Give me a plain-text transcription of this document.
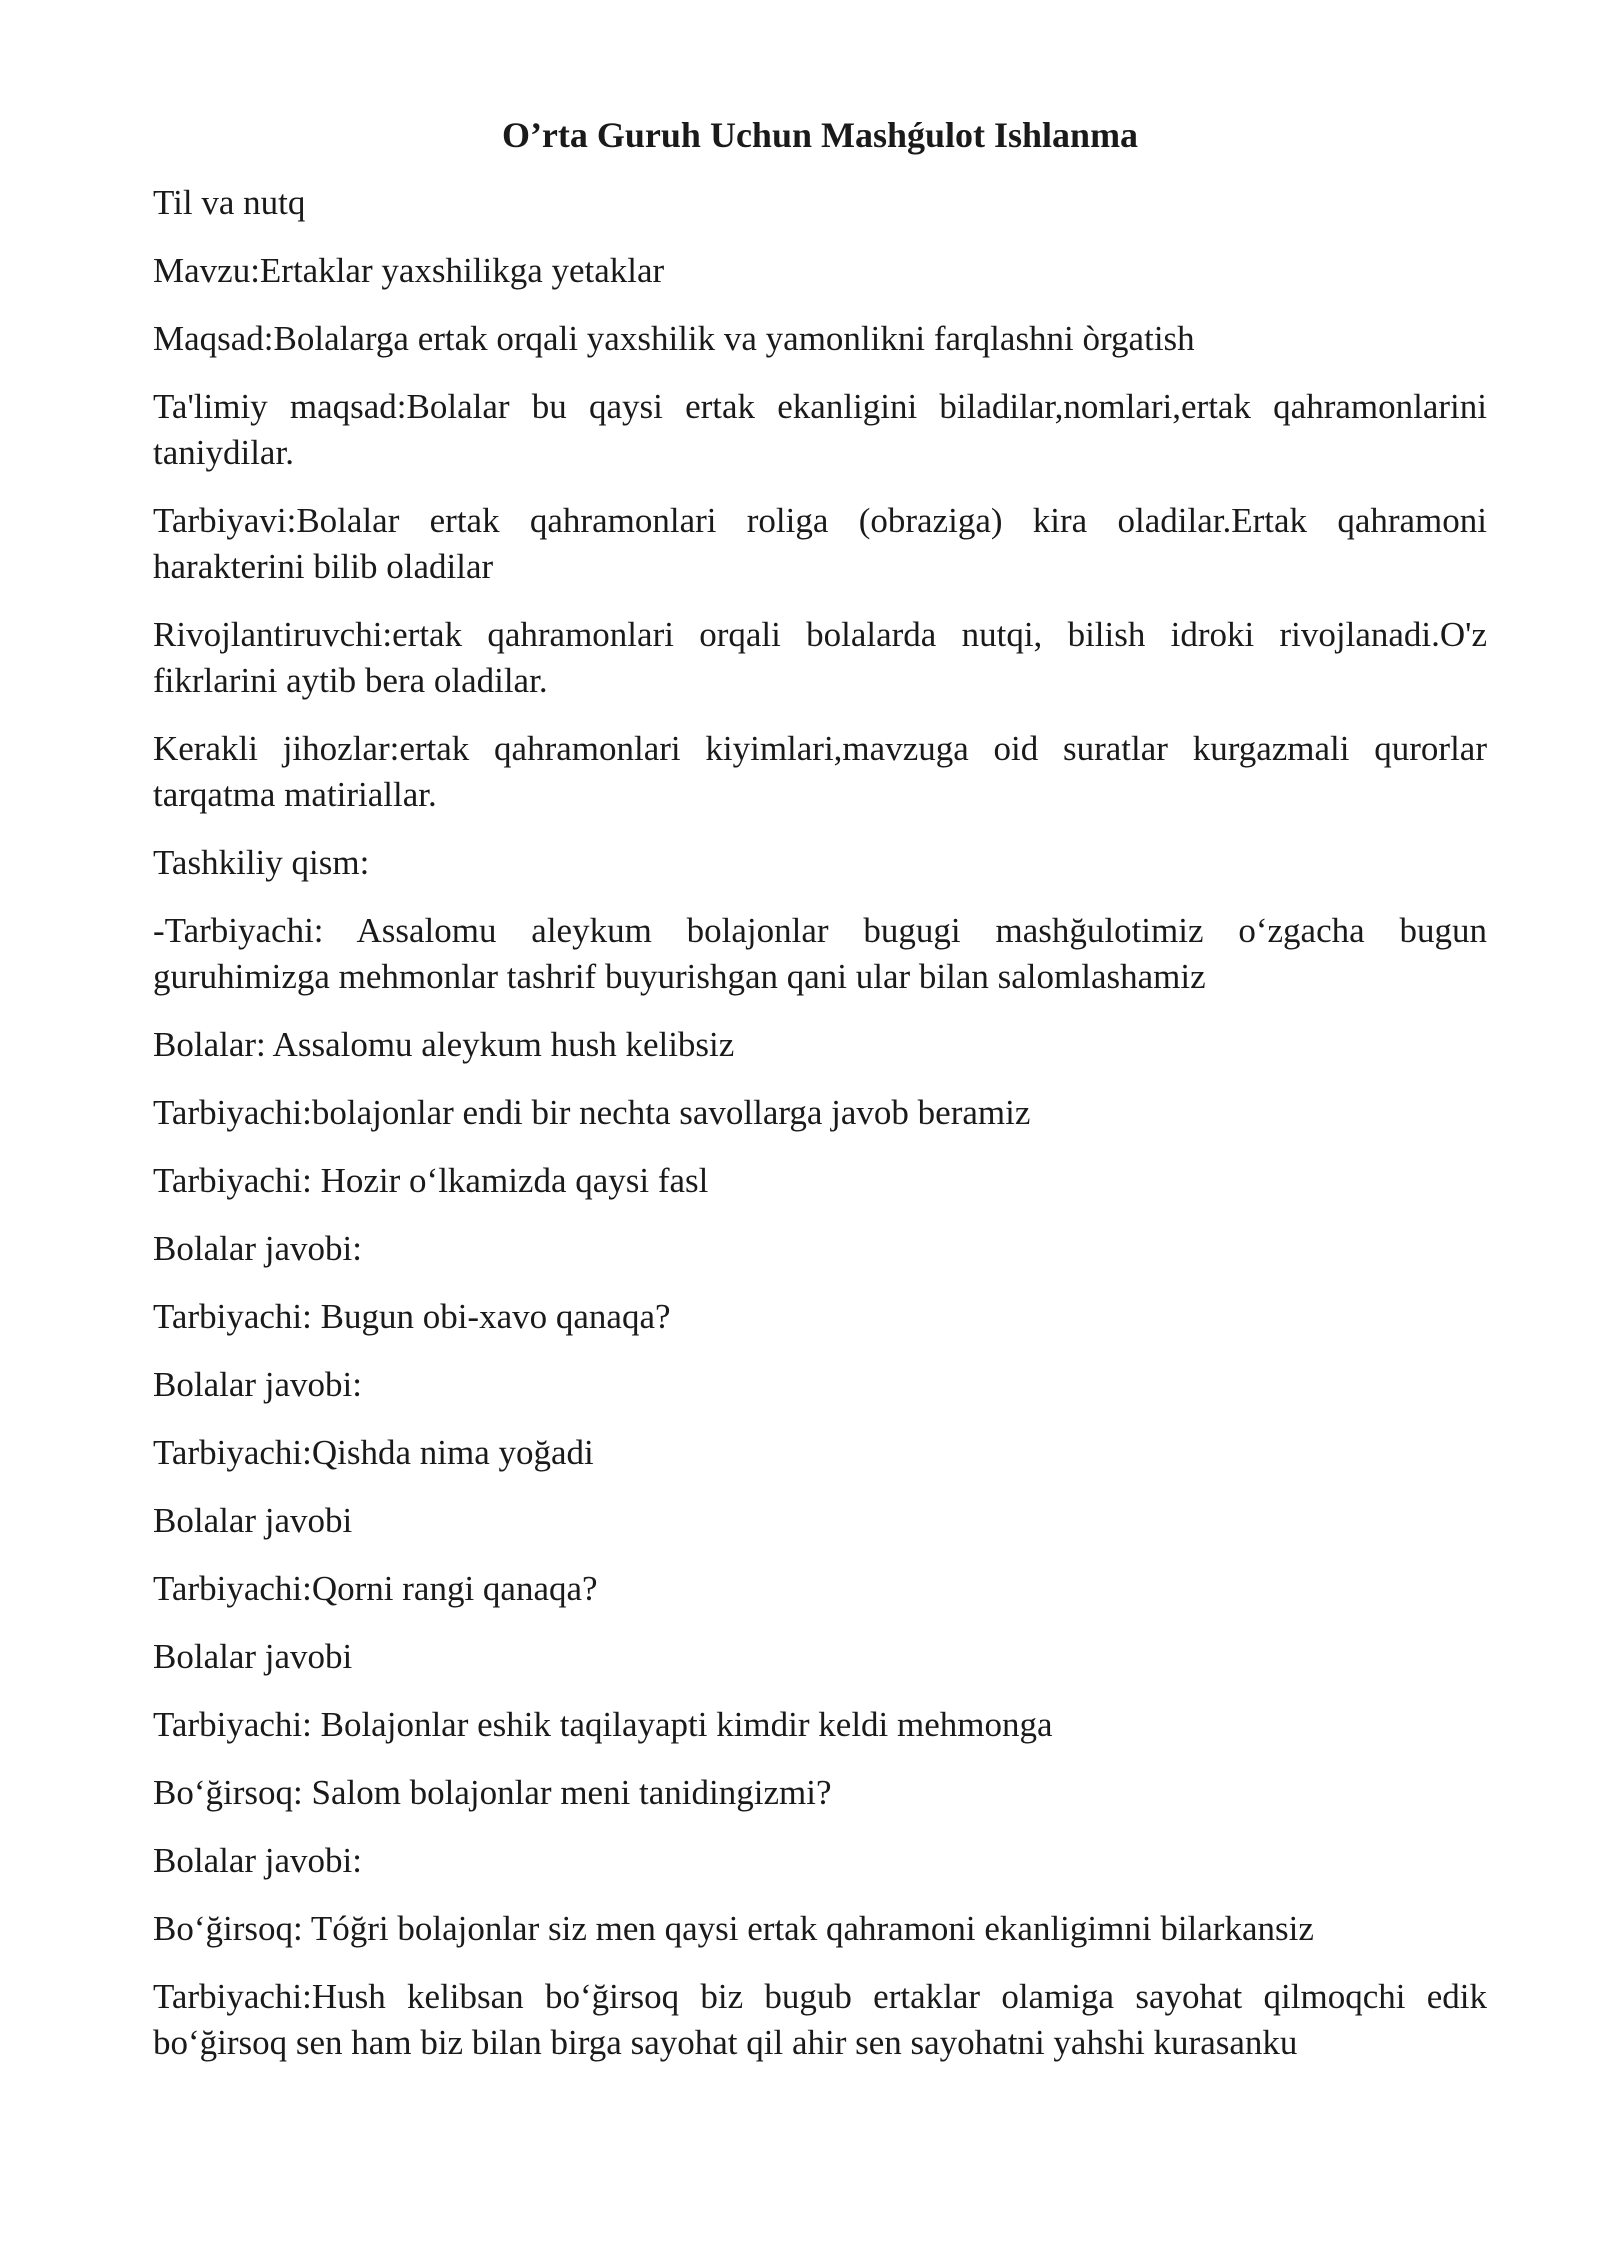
O’rta Guruh Uchun Mashǵulot Ishlanma
Til va nutq
Mavzu:Ertaklar yaxshilikga yetaklar
Maqsad:Bolalarga ertak orqali yaxshilik va yamonlikni farqlashni òrgatish
Ta'limiy maqsad:Bolalar bu qaysi ertak ekanligini biladilar,nomlari,ertak qahramonlarini taniydilar.
Tarbiyavi:Bolalar ertak qahramonlari roliga (obraziga) kira oladilar.Ertak qahramoni harakterini bilib oladilar
Rivojlantiruvchi:ertak qahramonlari orqali bolalarda nutqi, bilish idroki rivojlanadi.O'z fikrlarini aytib bera oladilar.
Kerakli jihozlar:ertak qahramonlari kiyimlari,mavzuga oid suratlar kurgazmali qurorlar tarqatma matiriallar.
Tashkiliy qism:
-Tarbiyachi: Assalomu aleykum bolajonlar bugugi mashğulotimiz o‘zgacha bugun guruhimizga mehmonlar tashrif buyurishgan qani ular bilan salomlashamiz
Bolalar: Assalomu aleykum hush kelibsiz
Tarbiyachi:bolajonlar endi bir nechta savollarga javob beramiz
Tarbiyachi: Hozir o‘lkamizda qaysi fasl
Bolalar javobi:
Tarbiyachi: Bugun obi-xavo qanaqa?
Bolalar javobi:
Tarbiyachi:Qishda nima yoğadi
Bolalar javobi
Tarbiyachi:Qorni rangi qanaqa?
Bolalar javobi
Tarbiyachi: Bolajonlar eshik taqilayapti kimdir keldi mehmonga
Bo‘ğirsoq: Salom bolajonlar meni tanidingizmi?
Bolalar javobi:
Bo‘ğirsoq: Tóğri bolajonlar siz men qaysi ertak qahramoni ekanligimni bilarkansiz
Tarbiyachi:Hush kelibsan bo‘ğirsoq biz bugub ertaklar olamiga sayohat qilmoqchi edik bo‘ğirsoq sen ham biz bilan birga sayohat qil ahir sen sayohatni yahshi kurasanku
